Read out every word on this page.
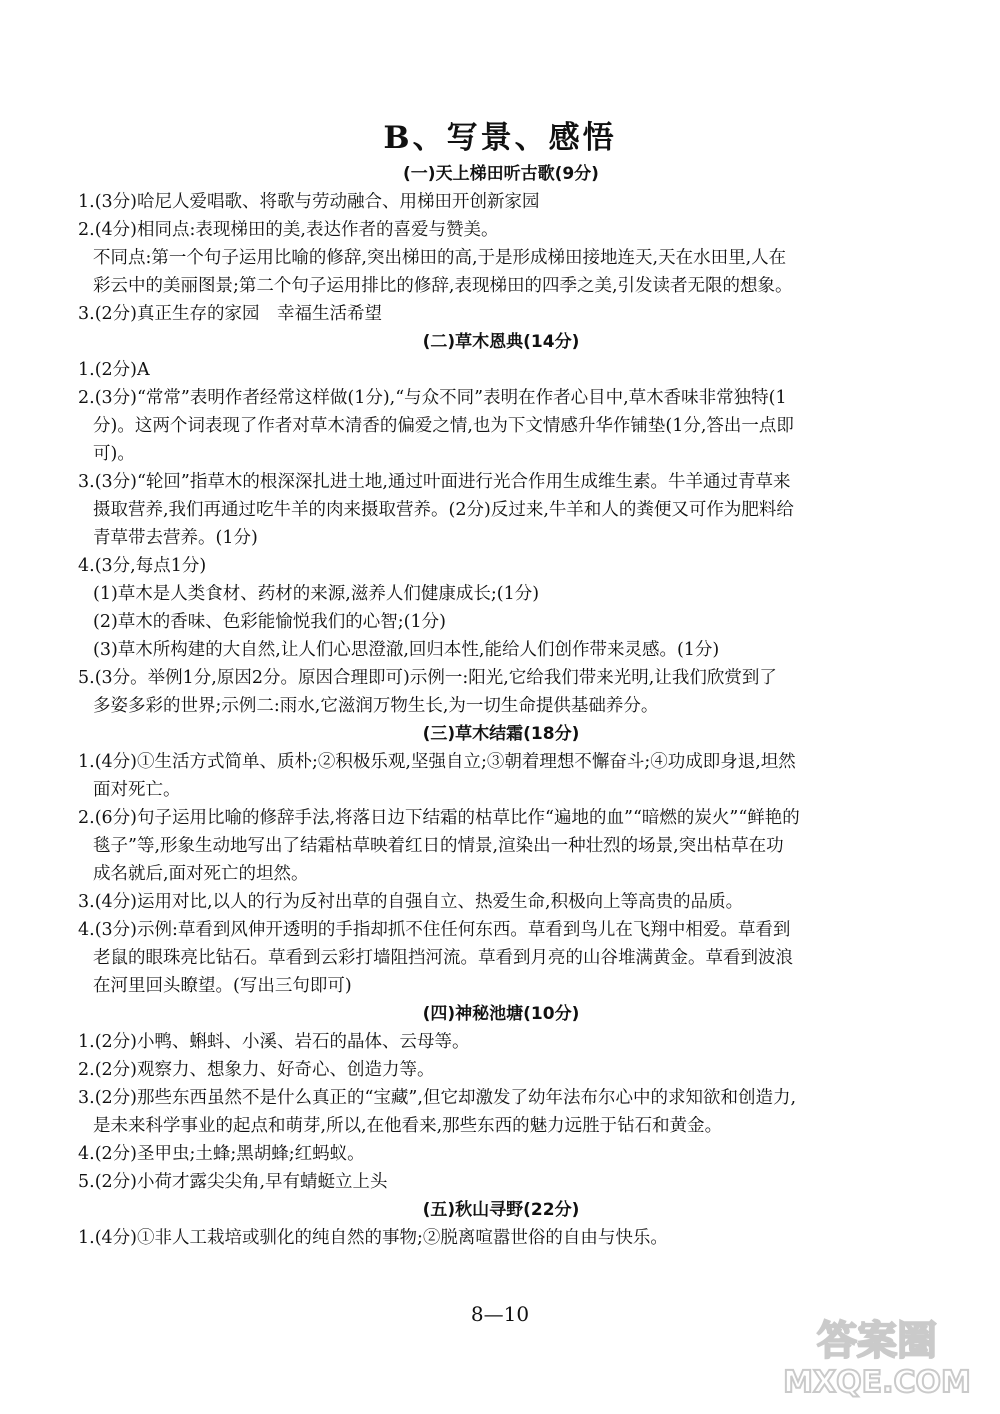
B、写景、感悟
(一)天上梯田听古歌(9分)
1.(3分)哈尼人爱唱歌、将歌与劳动融合、用梯田开创新家园
2.(4分)相同点:表现梯田的美,表达作者的喜爱与赞美。
不同点:第一个句子运用比喻的修辞,突出梯田的高,于是形成梯田接地连天,天在水田里,人在
彩云中的美丽图景;第二个句子运用排比的修辞,表现梯田的四季之美,引发读者无限的想象。
3.(2分)真正生存的家园　幸福生活希望
(二)草木恩典(14分)
1.(2分)A
2.(3分)“常常”表明作者经常这样做(1分),“与众不同”表明在作者心目中,草木香味非常独特(1
分)。这两个词表现了作者对草木清香的偏爱之情,也为下文情感升华作铺垫(1分,答出一点即
可)。
3.(3分)“轮回”指草木的根深深扎进土地,通过叶面进行光合作用生成维生素。牛羊通过青草来
摄取营养,我们再通过吃牛羊的肉来摄取营养。(2分)反过来,牛羊和人的粪便又可作为肥料给
青草带去营养。(1分)
4.(3分,每点1分)
(1)草木是人类食材、药材的来源,滋养人们健康成长;(1分)
(2)草木的香味、色彩能愉悦我们的心智;(1分)
(3)草木所构建的大自然,让人们心思澄澈,回归本性,能给人们创作带来灵感。(1分)
5.(3分。举例1分,原因2分。原因合理即可)示例一:阳光,它给我们带来光明,让我们欣赏到了
多姿多彩的世界;示例二:雨水,它滋润万物生长,为一切生命提供基础养分。
(三)草木结霜(18分)
1.(4分)①生活方式简单、质朴;②积极乐观,坚强自立;③朝着理想不懈奋斗;④功成即身退,坦然
面对死亡。
2.(6分)句子运用比喻的修辞手法,将落日边下结霜的枯草比作“遍地的血”“暗燃的炭火”“鲜艳的
毯子”等,形象生动地写出了结霜枯草映着红日的情景,渲染出一种壮烈的场景,突出枯草在功
成名就后,面对死亡的坦然。
3.(4分)运用对比,以人的行为反衬出草的自强自立、热爱生命,积极向上等高贵的品质。
4.(3分)示例:草看到风伸开透明的手指却抓不住任何东西。草看到鸟儿在飞翔中相爱。草看到
老鼠的眼珠亮比钻石。草看到云彩打墙阻挡河流。草看到月亮的山谷堆满黄金。草看到波浪
在河里回头瞭望。(写出三句即可)
(四)神秘池塘(10分)
1.(2分)小鸭、蝌蚪、小溪、岩石的晶体、云母等。
2.(2分)观察力、想象力、好奇心、创造力等。
3.(2分)那些东西虽然不是什么真正的“宝藏”,但它却激发了幼年法布尔心中的求知欲和创造力,
是未来科学事业的起点和萌芽,所以,在他看来,那些东西的魅力远胜于钻石和黄金。
4.(2分)圣甲虫;土蜂;黑胡蜂;红蚂蚁。
5.(2分)小荷才露尖尖角,早有蜻蜓立上头
(五)秋山寻野(22分)
1.(4分)①非人工栽培或驯化的纯自然的事物;②脱离喧嚣世俗的自由与快乐。
8—10
答案圈
MXQE.COM
